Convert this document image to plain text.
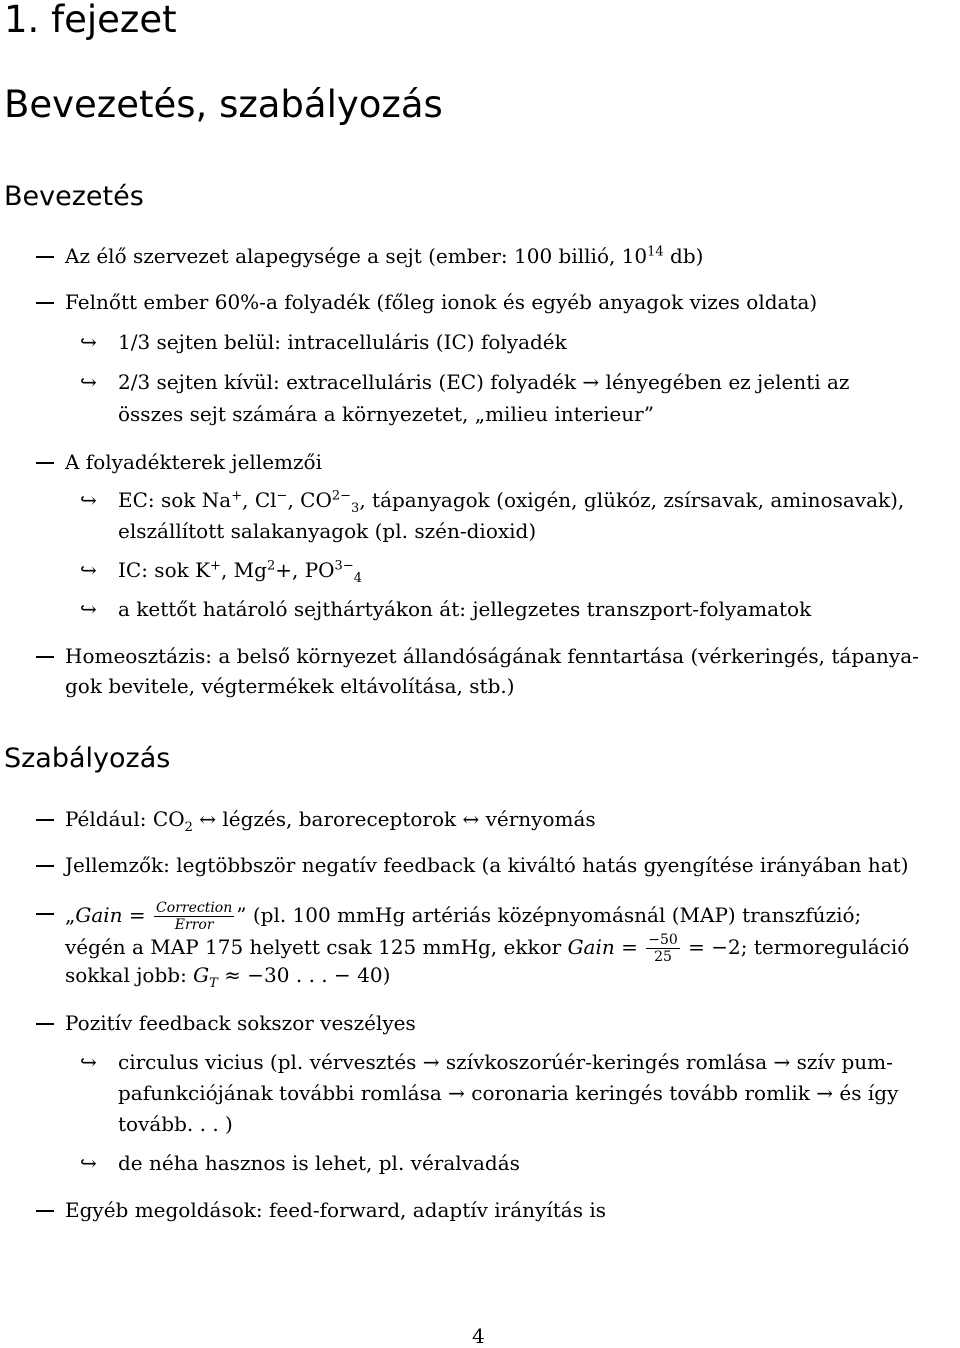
1. fejezet
Bevezetés, szabályozás
Bevezetés
Az élő szervezet alapegysége a sejt (ember: 100 billió, $10^{14}$ db)
Felnőtt ember 60%-a folyadék (főleg ionok és egyéb anyagok vizes oldata)
↪ 1/3 sejten belül: intracelluláris (IC) folyadék
↪ 2/3 sejten kívül: extracelluláris (EC) folyadék → lényegében ez jelenti az
összes sejt számára a környezetet, „milieu interieur”
A folyadékterek jellemzői
↪ EC: sok Na+, Cl−, $CO^{2-}_3$, tápanyagok (oxigén, glükóz, zsírsavak, aminosavak),
elszállított salakanyagok (pl. szén-dioxid)
↪ IC: sok K+, $Mg^2+$, $PO^{3-}_4$
↪ a kettőt határoló sejthártyákon át: jellegzetes transzport-folyamatok
Homeosztázis: a belső környezet állandóságának fenntartása (vérkeringés, tápanya-
gok bevitele, végtermékek eltávolítása, stb.)
Szabályozás
Például: $CO_2$ ↔ légzés, baroreceptorok ↔ vérnyomás
Jellemzők: legtöbbször negatív feedback (a kiváltó hatás gyengítése irányában hat)
„Gain = $\frac{\text{Correction}}{\text{Error}}$ ” (pl. 100 mmHg artériás középnyomásnál (MAP) transzfúzió;
végén a MAP 175 helyett csak 125 mmHg, ekkor Gain = $\frac{-50}{25} = -2$; termoreguláció
sokkal jobb: $G_T \approx -30$ . . . − 40)
Pozitív feedback sokszor veszélyes
↪ circulus vicius (pl. vérvesztés → szívkoszorúér-keringés romlása → szív pum-
pafunkciójának további romlása → coronaria keringés tovább romlik → és így
tovább. . . )
↪ de néha hasznos is lehet, pl. véralvadás
Egyéb megoldások: feed-forward, adaptív irányítás is
4
